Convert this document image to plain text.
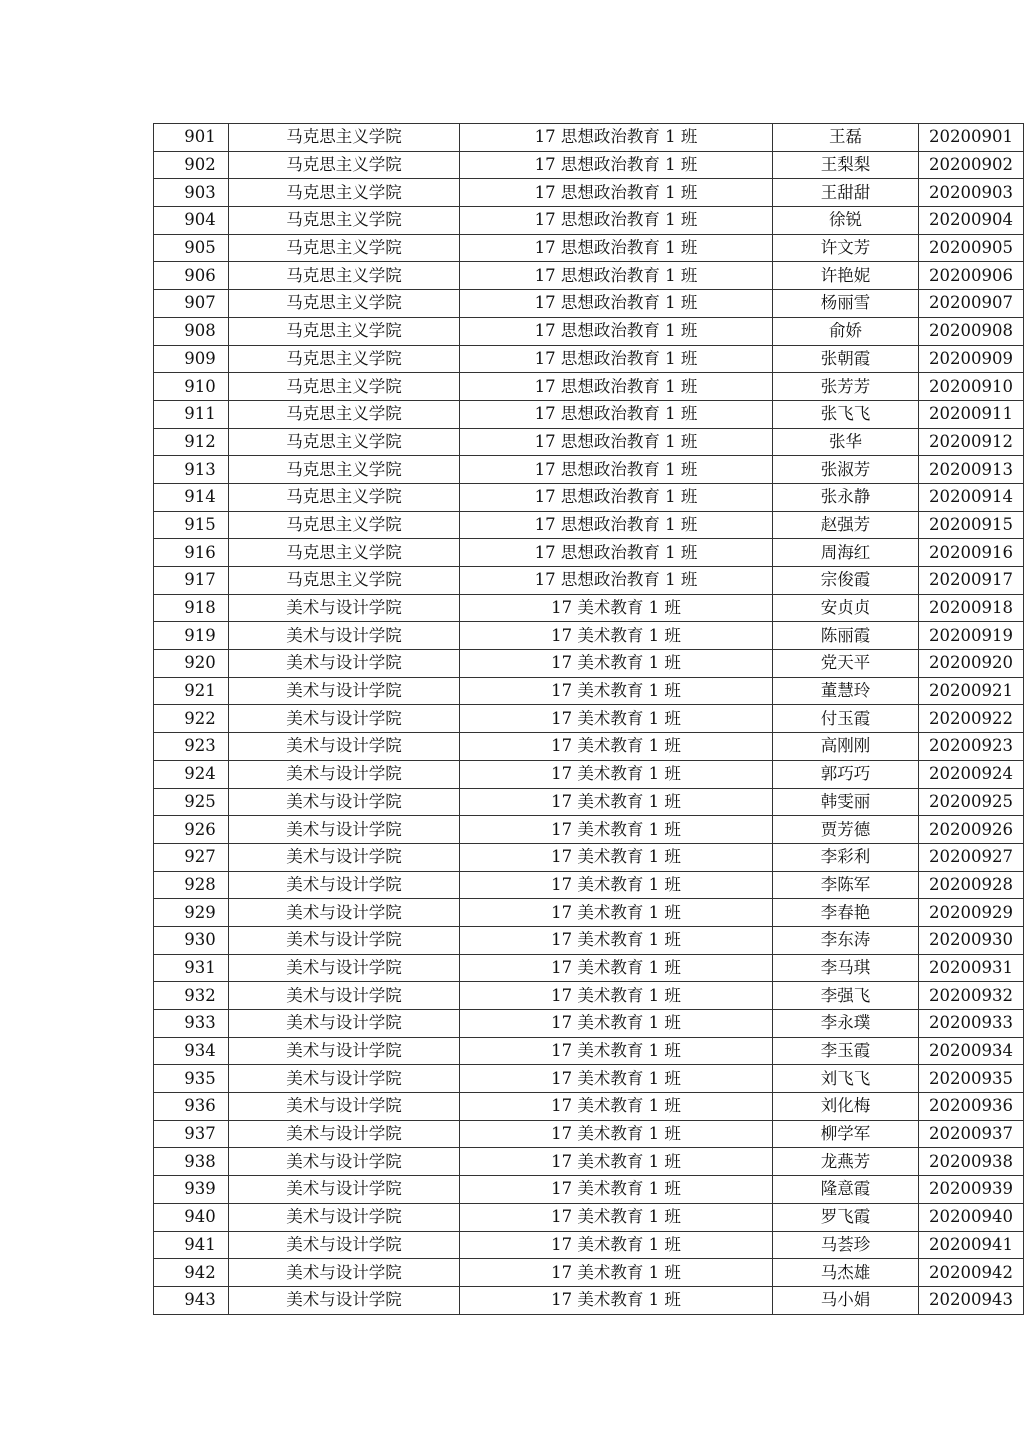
901	马克思主义学院	17 思想政治教育 1 班	王磊	20200901
902	马克思主义学院	17 思想政治教育 1 班	王梨梨	20200902
903	马克思主义学院	17 思想政治教育 1 班	王甜甜	20200903
904	马克思主义学院	17 思想政治教育 1 班	徐锐	20200904
905	马克思主义学院	17 思想政治教育 1 班	许文芳	20200905
906	马克思主义学院	17 思想政治教育 1 班	许艳妮	20200906
907	马克思主义学院	17 思想政治教育 1 班	杨丽雪	20200907
908	马克思主义学院	17 思想政治教育 1 班	俞娇	20200908
909	马克思主义学院	17 思想政治教育 1 班	张朝霞	20200909
910	马克思主义学院	17 思想政治教育 1 班	张芳芳	20200910
911	马克思主义学院	17 思想政治教育 1 班	张飞飞	20200911
912	马克思主义学院	17 思想政治教育 1 班	张华	20200912
913	马克思主义学院	17 思想政治教育 1 班	张淑芳	20200913
914	马克思主义学院	17 思想政治教育 1 班	张永静	20200914
915	马克思主义学院	17 思想政治教育 1 班	赵强芳	20200915
916	马克思主义学院	17 思想政治教育 1 班	周海红	20200916
917	马克思主义学院	17 思想政治教育 1 班	宗俊霞	20200917
918	美术与设计学院	17 美术教育 1 班	安贞贞	20200918
919	美术与设计学院	17 美术教育 1 班	陈丽霞	20200919
920	美术与设计学院	17 美术教育 1 班	党天平	20200920
921	美术与设计学院	17 美术教育 1 班	董慧玲	20200921
922	美术与设计学院	17 美术教育 1 班	付玉霞	20200922
923	美术与设计学院	17 美术教育 1 班	高刚刚	20200923
924	美术与设计学院	17 美术教育 1 班	郭巧巧	20200924
925	美术与设计学院	17 美术教育 1 班	韩雯丽	20200925
926	美术与设计学院	17 美术教育 1 班	贾芳德	20200926
927	美术与设计学院	17 美术教育 1 班	李彩利	20200927
928	美术与设计学院	17 美术教育 1 班	李陈军	20200928
929	美术与设计学院	17 美术教育 1 班	李春艳	20200929
930	美术与设计学院	17 美术教育 1 班	李东涛	20200930
931	美术与设计学院	17 美术教育 1 班	李马琪	20200931
932	美术与设计学院	17 美术教育 1 班	李强飞	20200932
933	美术与设计学院	17 美术教育 1 班	李永璞	20200933
934	美术与设计学院	17 美术教育 1 班	李玉霞	20200934
935	美术与设计学院	17 美术教育 1 班	刘飞飞	20200935
936	美术与设计学院	17 美术教育 1 班	刘化梅	20200936
937	美术与设计学院	17 美术教育 1 班	柳学军	20200937
938	美术与设计学院	17 美术教育 1 班	龙燕芳	20200938
939	美术与设计学院	17 美术教育 1 班	隆意霞	20200939
940	美术与设计学院	17 美术教育 1 班	罗飞霞	20200940
941	美术与设计学院	17 美术教育 1 班	马荟珍	20200941
942	美术与设计学院	17 美术教育 1 班	马杰雄	20200942
943	美术与设计学院	17 美术教育 1 班	马小娟	20200943
